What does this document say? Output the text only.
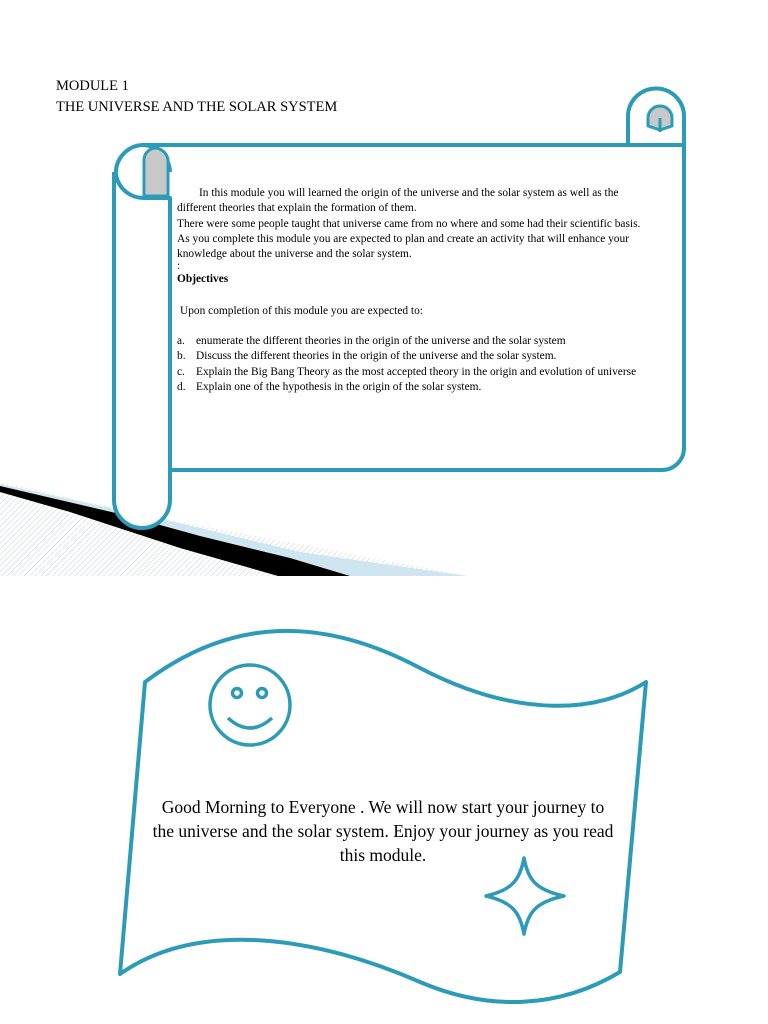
MODULE 1
THE UNIVERSE AND THE SOLAR SYSTEM

In this module you will learned the origin of the universe and the solar system as well as the different theories that explain the formation of them.

There were some people taught that universe came from no where and some had their scientific basis. As you complete this module you are expected to plan and create an activity that will enhance your knowledge about the universe and the solar system.

:

Objectives

Upon completion of this module you are expected to:

a. enumerate the different theories in the origin of the universe and the solar system
b. Discuss the different theories in the origin of the universe and the solar system.
c. Explain the Big Bang Theory as the most accepted theory in the origin and evolution of universe
d. Explain one of the hypothesis in the origin of the solar system.
Good Morning to Everyone . We will now start your journey to the universe and the solar system. Enjoy your journey as you read this module.
